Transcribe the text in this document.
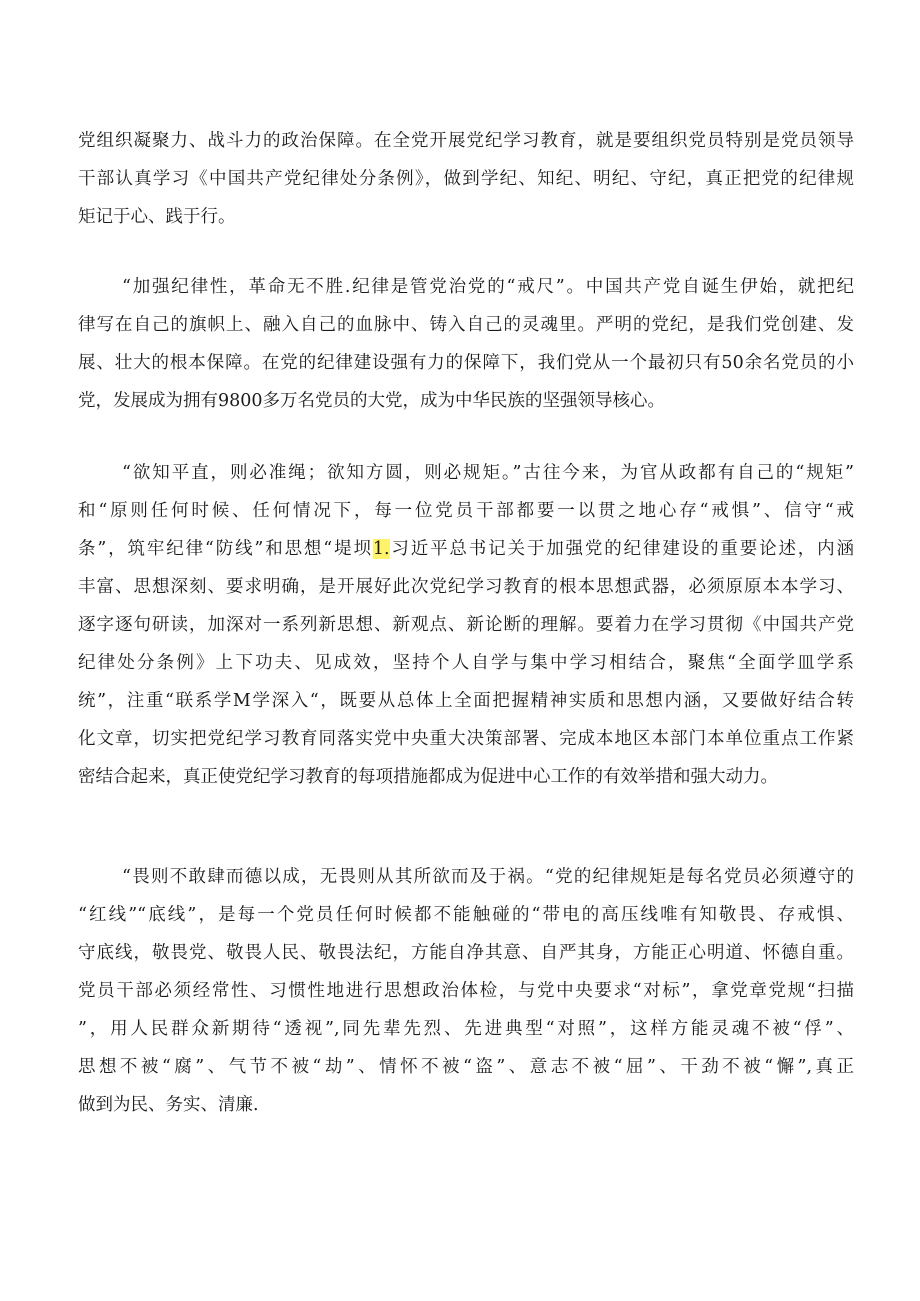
党组织凝聚力、战斗力的政治保障。在全党开展党纪学习教育，就是要组织党员特别是党员领导
干部认真学习《中国共产党纪律处分条例》，做到学纪、知纪、明纪、守纪，真正把党的纪律规
矩记于心、践于行。
“加强纪律性，革命无不胜.纪律是管党治党的“戒尺”。中国共产党自诞生伊始，就把纪
律写在自己的旗帜上、融入自己的血脉中、铸入自己的灵魂里。严明的党纪，是我们党创建、发
展、壮大的根本保障。在党的纪律建设强有力的保障下，我们党从一个最初只有50余名党员的小
党，发展成为拥有9800多万名党员的大党，成为中华民族的坚强领导核心。
“欲知平直，则必准绳；欲知方圆，则必规矩。”古往今来，为官从政都有自己的“规矩”
和“原则任何时候、任何情况下，每一位党员干部都要一以贯之地心存“戒惧”、信守“戒
条”，筑牢纪律“防线”和思想“堤坝1.习近平总书记关于加强党的纪律建设的重要论述，内涵
丰富、思想深刻、要求明确，是开展好此次党纪学习教育的根本思想武器，必须原原本本学习、
逐字逐句研读，加深对一系列新思想、新观点、新论断的理解。要着力在学习贯彻《中国共产党
纪律处分条例》上下功夫、见成效，坚持个人自学与集中学习相结合，聚焦“全面学皿学系
统”，注重“联系学M学深入“，既要从总体上全面把握精神实质和思想内涵，又要做好结合转
化文章，切实把党纪学习教育同落实党中央重大决策部署、完成本地区本部门本单位重点工作紧
密结合起来，真正使党纪学习教育的每项措施都成为促进中心工作的有效举措和强大动力。
“畏则不敢肆而德以成，无畏则从其所欲而及于祸。“党的纪律规矩是每名党员必须遵守的
“红线”“底线”，是每一个党员任何时候都不能触碰的“带电的高压线唯有知敬畏、存戒惧、
守底线，敬畏党、敬畏人民、敬畏法纪，方能自净其意、自严其身，方能正心明道、怀德自重。
党员干部必须经常性、习惯性地进行思想政治体检，与党中央要求“对标”，拿党章党规“扫描
”，用人民群众新期待“透视”,同先辈先烈、先进典型“对照”，这样方能灵魂不被“俘”、
思想不被“腐”、气节不被“劫”、情怀不被“盗”、意志不被“屈”、干劲不被“懈”,真正
做到为民、务实、清廉.
